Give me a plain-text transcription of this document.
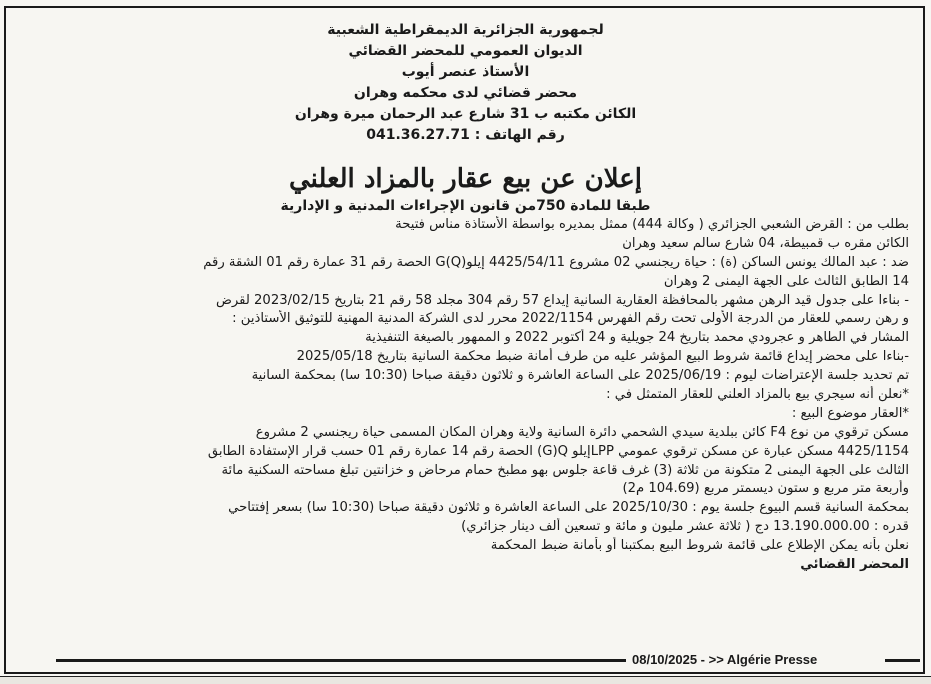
لجمهورية الجزائرية الديمقراطية الشعبية
الديوان العمومي للمحضر القضائي
الأستاذ عنصر أيوب
محضر قضائي لدى محكمه وهران
الكائن مكتبه ب 31 شارع عبد الرحمان ميرة وهران
رقم الهاتف : 041.36.27.71
إعلان عن بيع عقار بالمزاد العلني
طبقا للمادة 750من قانون الإجراءات المدنية و الإدارية
بطلب من : القرض الشعبي الجزائري ( وكالة 444) ممثل بمديره بواسطة الأستاذة مناس فتيحة
الكائن مقره ب قمبيطة، 04 شارع سالم سعيد وهران
ضد : عبد المالك يونس الساكن (ة) : حياة ريجنسي 02 مشروع 4425/54/11 إيلوG(Q) الحصة رقم 31 عمارة رقم 01 الشقة رقم
14 الطابق الثالث على الجهة اليمنى 2 وهران
- بناءا على جدول قيد الرهن مشهر بالمحافظة العقارية السانية إيداع 57 رقم 304 مجلد 58 رقم 21 بتاريخ 2023/02/15 لقرض
و رهن رسمي للعقار من الدرجة الأولى تحت رقم الفهرس 2022/1154 محرر لدى الشركة المدنية المهنية للتوثيق الأستاذين :
المشار في الطاهر و عجرودي محمد بتاريخ 24 جويلية و 24 أكتوبر 2022 و الممهور بالصيغة التنفيذية
-بناءا على محضر إيداع قائمة شروط البيع المؤشر عليه من طرف أمانة ضبط محكمة السانية بتاريخ 2025/05/18
تم تحديد جلسة الإعتراضات ليوم : 2025/06/19 على الساعة العاشرة و ثلاثون دقيقة صباحا (10:30 سا) بمحكمة السانية
*نعلن أنه سيجري بيع بالمزاد العلني للعقار المتمثل في :
*العقار موضوع البيع :
مسكن ترقوي من نوع F4 كائن ببلدية سيدي الشحمي دائرة السانية ولاية وهران المكان المسمى حياة ريجنسي 2 مشروع
4425/1154 مسكن عبارة عن مسكن ترقوي عمومي LPPإيلو G)Q) الحصة رقم 14 عمارة رقم 01 حسب قرار الإستفادة الطابق
الثالث على الجهة اليمنى 2 متكونة من ثلاثة (3) غرف قاعة جلوس بهو مطبخ حمام مرحاض و خزانتين تبلغ مساحته السكنية مائة
وأربعة متر مربع و ستون ديسمتر مربع (104.69 م2)
بمحكمة السانية قسم البيوع جلسة يوم : 2025/10/30 على الساعة العاشرة و ثلاثون دقيقة صباحا (10:30 سا) بسعر إفتتاحي
قدره : 13.190.000.00 دج ( ثلاثة عشر مليون و مائة و تسعين ألف دينار جزائري)
نعلن بأنه يمكن الإطلاع على قائمة شروط البيع بمكتبنا أو بأمانة ضبط المحكمة
المحضر القضائي
08/10/2025 - >> Algérie Presse
